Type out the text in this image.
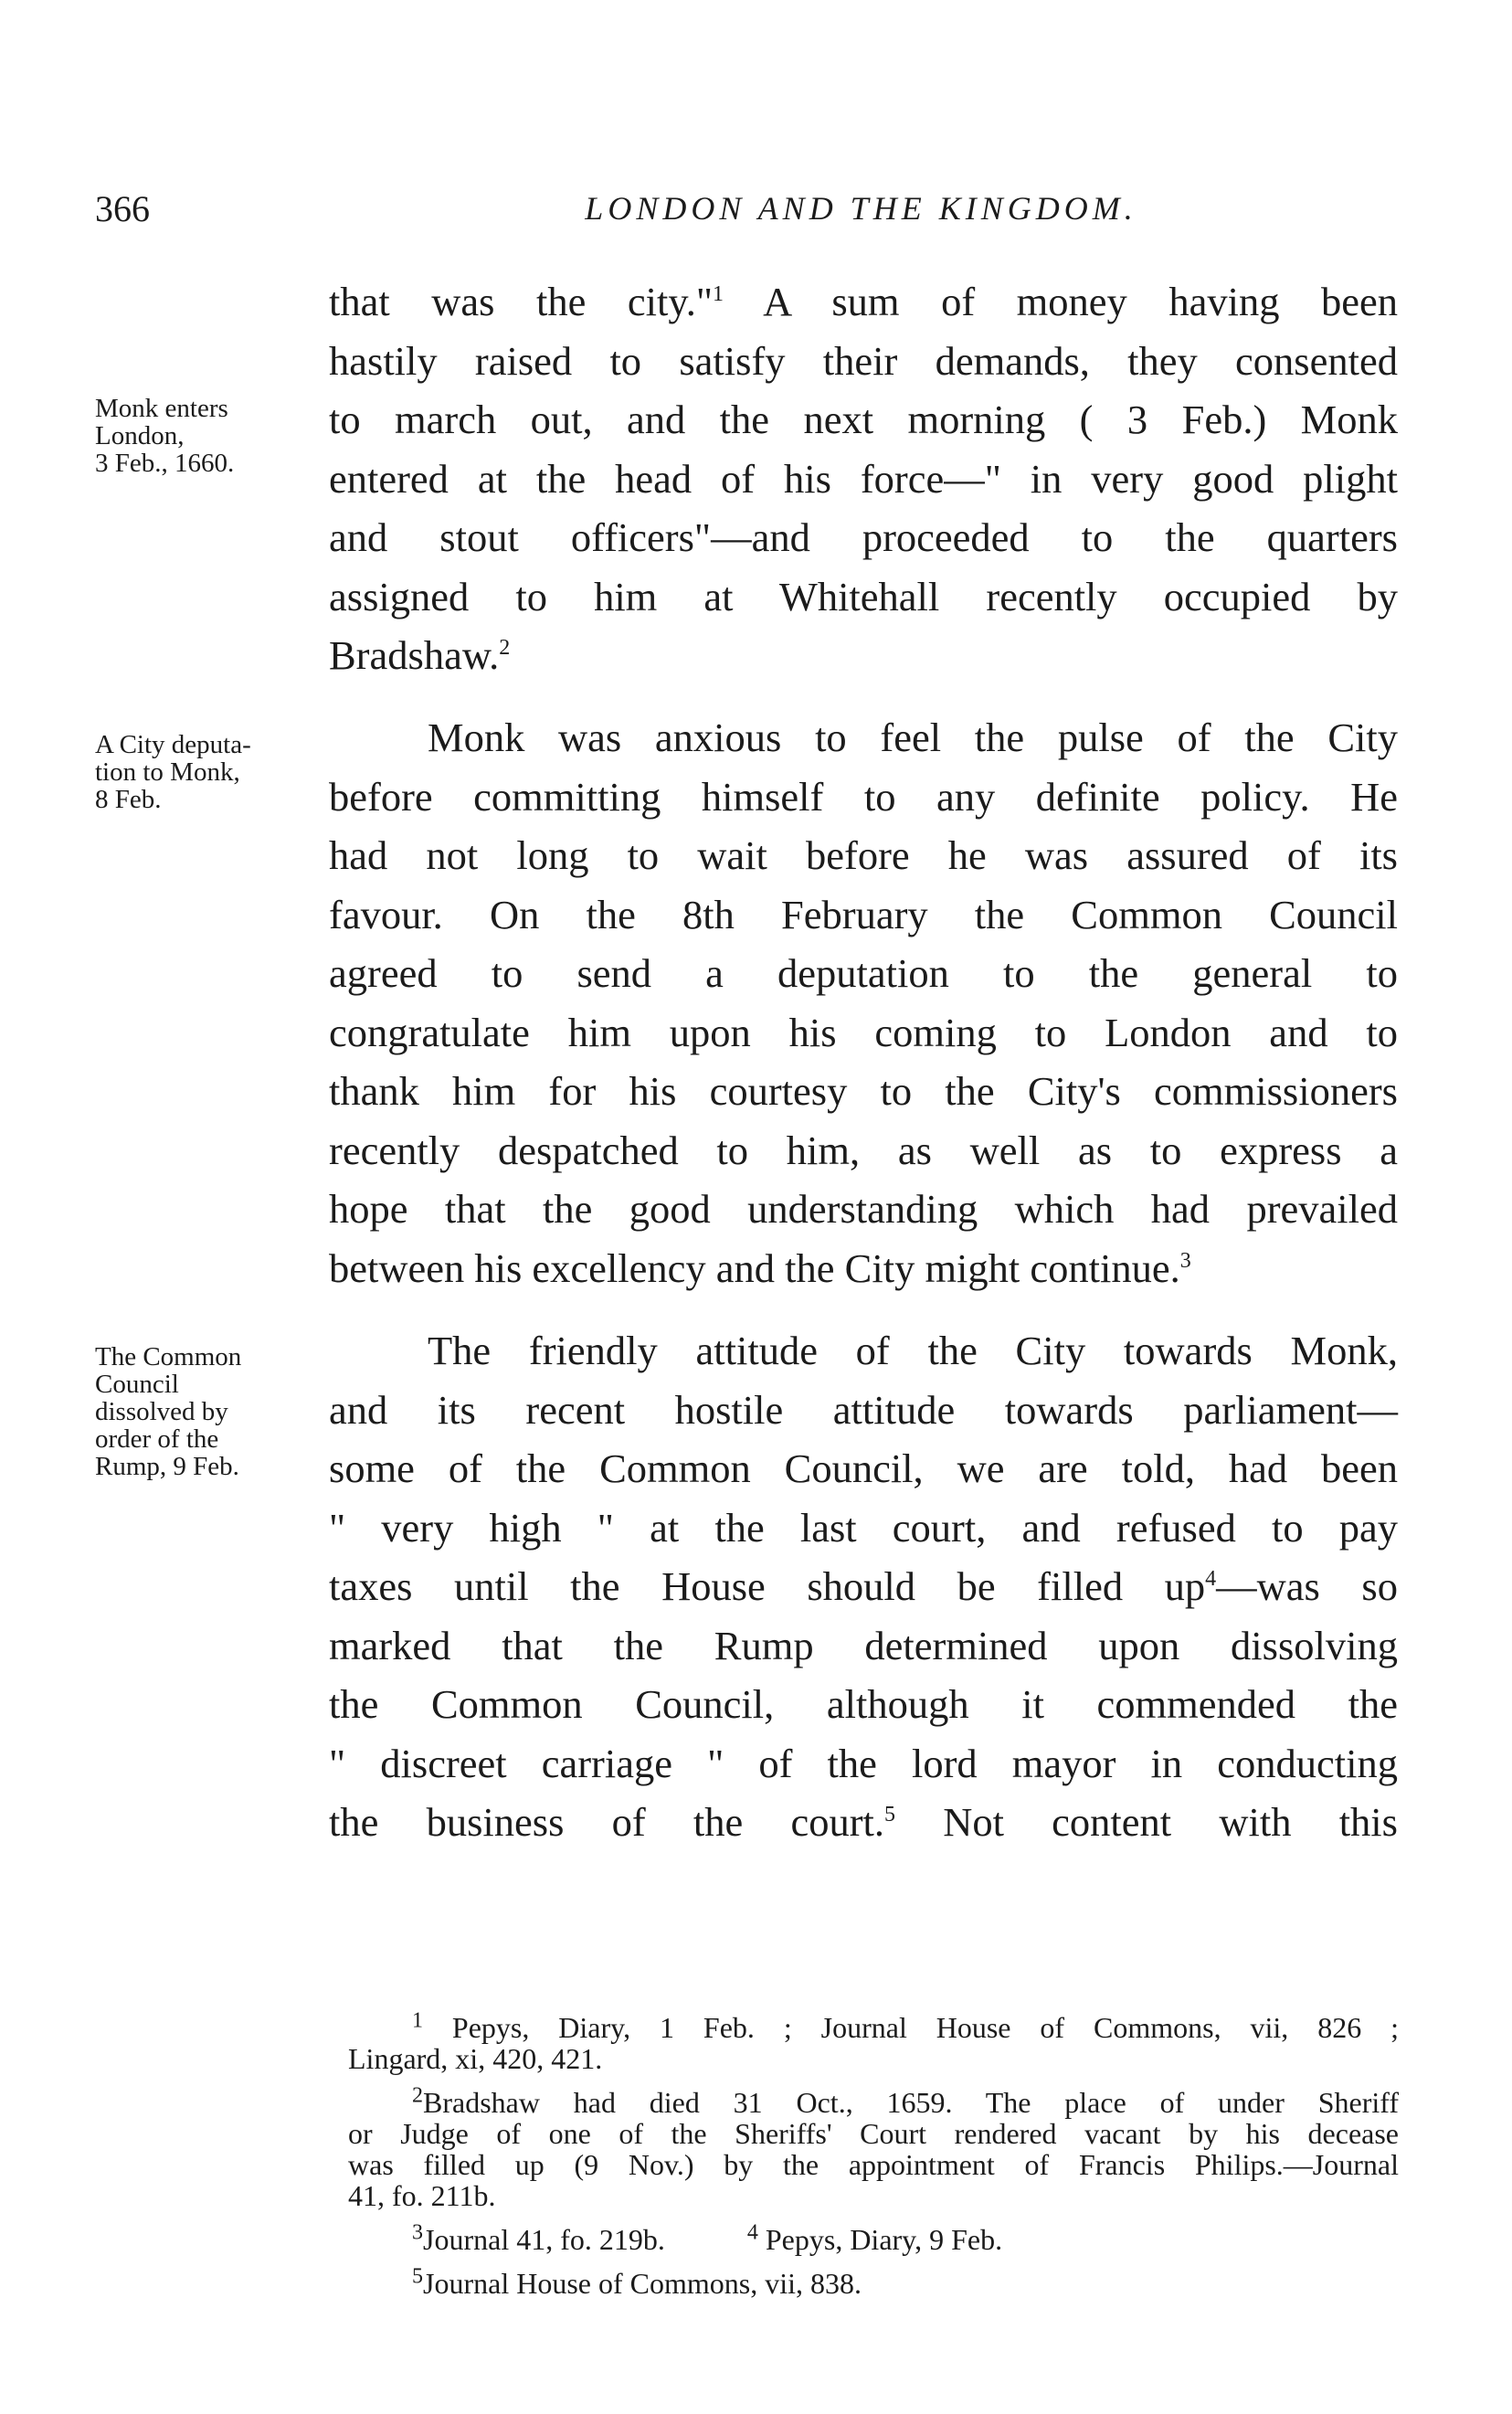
366	LONDON AND THE KINGDOM.
Monk enters
London,
3 Feb., 1660.
A City deputa-
tion to Monk,
8 Feb.
The Common
Council
dissolved by
order of the
Rump, 9 Feb.

that was the city."$^1$ A sum of money having been
hastily raised to satisfy their demands, they consented
to march out, and the next morning ( 3 Feb.) Monk
entered at the head of his force—" in very good plight
and stout officers"—and proceeded to the quarters
assigned to him at Whitehall recently occupied by
Bradshaw.$^2$

Monk was anxious to feel the pulse of the City
before committing himself to any definite policy. He
had not long to wait before he was assured of its
favour. On the 8th February the Common Council
agreed to send a deputation to the general to
congratulate him upon his coming to London and to
thank him for his courtesy to the City's commissioners
recently despatched to him, as well as to express a
hope that the good understanding which had prevailed
between his excellency and the City might continue.$^3$

The friendly attitude of the City towards Monk,
and its recent hostile attitude towards parliament—
some of the Common Council, we are told, had been
" very high " at the last court, and refused to pay
taxes until the House should be filled $up^4—was$ so
marked that the Rump determined upon dissolving
the Common Council, although it commended the
" discreet carriage " of the lord mayor in conducting
the business of the court.$^5$ Not content with this

$^1$ Pepys, Diary, 1 Feb. ; Journal House of Commons, vii, 826 ;
Lingard, xi, 420, 421.
$^2$Bradshaw had died 31 Oct., 1659. The place of under Sheriff
or Judge of one of the Sheriffs' Court rendered vacant by his decease
was filled up (9 Nov.) by the appointment of Francis Philips.—Journal
41, fo. 211b.
$^3$Journal 41, fo. 219b.	$^4$ Pepys, Diary, 9 Feb.
$^5$Journal House of Commons, vii, 838.
